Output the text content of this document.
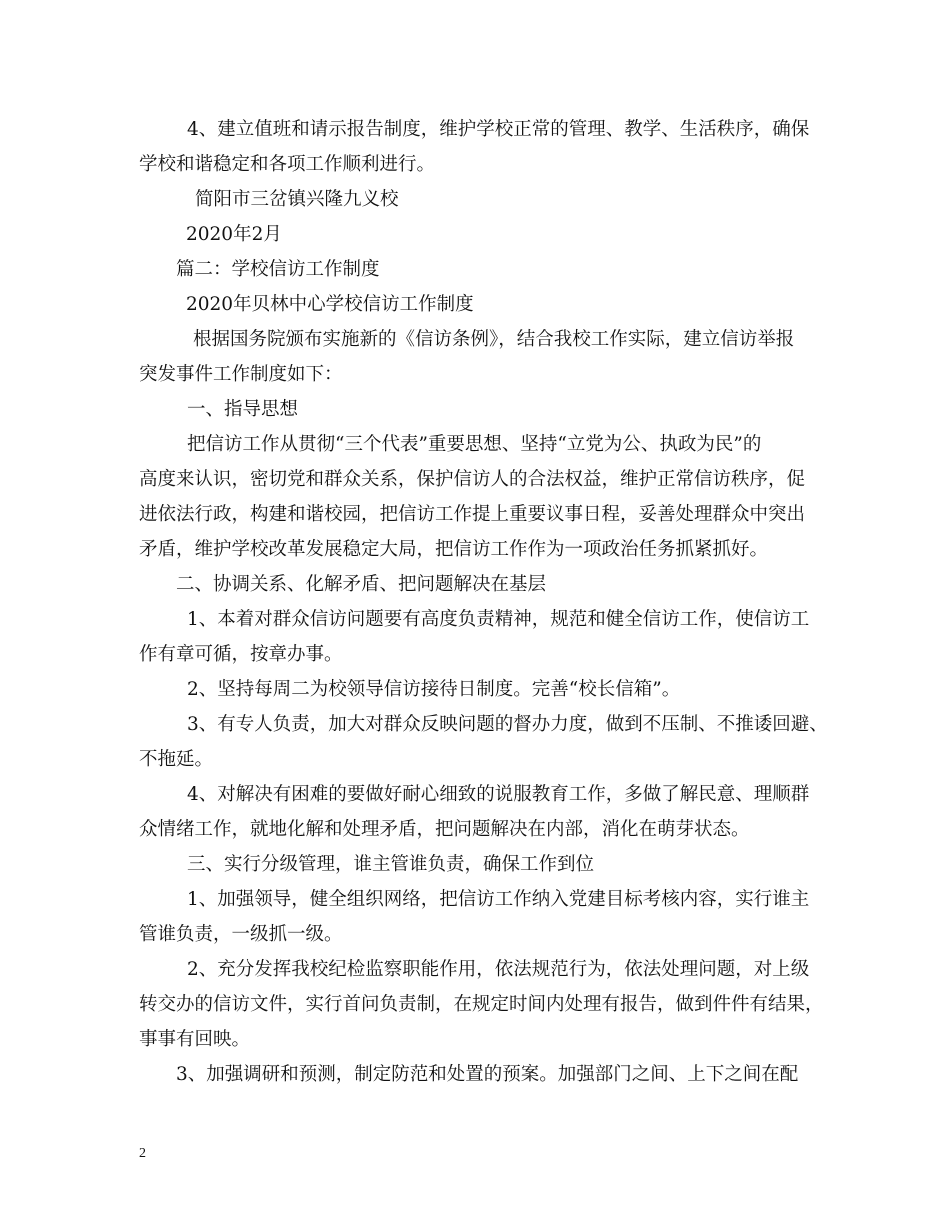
4、建立值班和请示报告制度，维护学校正常的管理、教学、生活秩序，确保
学校和谐稳定和各项工作顺利进行。
简阳市三岔镇兴隆九义校
2020年2月
篇二：学校信访工作制度
2020年贝林中心学校信访工作制度
根据国务院颁布实施新的《信访条例》，结合我校工作实际，建立信访举报
突发事件工作制度如下：
一、指导思想
把信访工作从贯彻“三个代表”重要思想、坚持“立党为公、执政为民”的
高度来认识，密切党和群众关系，保护信访人的合法权益，维护正常信访秩序，促
进依法行政，构建和谐校园，把信访工作提上重要议事日程，妥善处理群众中突出
矛盾，维护学校改革发展稳定大局，把信访工作作为一项政治任务抓紧抓好。
二、协调关系、化解矛盾、把问题解决在基层
1、本着对群众信访问题要有高度负责精神，规范和健全信访工作，使信访工
作有章可循，按章办事。
2、坚持每周二为校领导信访接待日制度。完善“校长信箱”。
3、有专人负责，加大对群众反映问题的督办力度，做到不压制、不推诿回避、
不拖延。
4、对解决有困难的要做好耐心细致的说服教育工作，多做了解民意、理顺群
众情绪工作，就地化解和处理矛盾，把问题解决在内部，消化在萌芽状态。
三、实行分级管理，谁主管谁负责，确保工作到位
1、加强领导，健全组织网络，把信访工作纳入党建目标考核内容，实行谁主
管谁负责，一级抓一级。
2、充分发挥我校纪检监察职能作用，依法规范行为，依法处理问题，对上级
转交办的信访文件，实行首问负责制，在规定时间内处理有报告，做到件件有结果，
事事有回映。
3、加强调研和预测，制定防范和处置的预案。加强部门之间、上下之间在配
2
